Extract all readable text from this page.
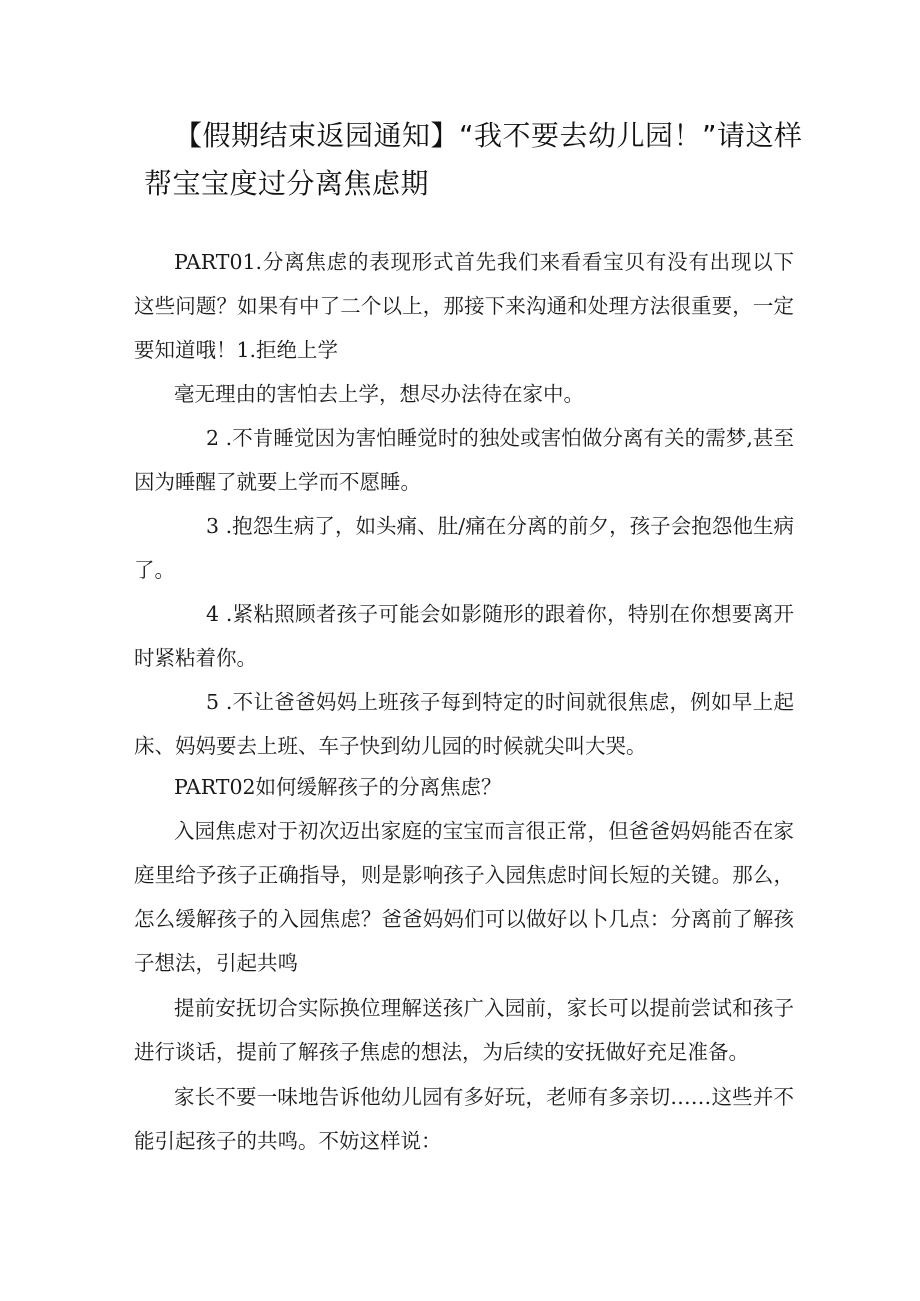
【假期结束返园通知】“我不要去幼儿园！”请这样帮宝宝度过分离焦虑期

PART01.分离焦虑的表现形式首先我们来看看宝贝有没有出现以下这些问题？如果有中了二个以上，那接下来沟通和处理方法很重要，一定要知道哦！1.拒绝上学

毫无理由的害怕去上学，想尽办法待在家中。

2 .不肯睡觉因为害怕睡觉时的独处或害怕做分离有关的需梦,甚至因为睡醒了就要上学而不愿睡。

3 .抱怨生病了，如头痛、肚/痛在分离的前夕，孩子会抱怨他生病了。

4 .紧粘照顾者孩子可能会如影随形的跟着你，特别在你想要离开时紧粘着你。

5 .不让爸爸妈妈上班孩子每到特定的时间就很焦虑，例如早上起床、妈妈要去上班、车子快到幼儿园的时候就尖叫大哭。

PART02如何缓解孩子的分离焦虑？

入园焦虑对于初次迈出家庭的宝宝而言很正常，但爸爸妈妈能否在家庭里给予孩子正确指导，则是影响孩子入园焦虑时间长短的关键。那么，怎么缓解孩子的入园焦虑？爸爸妈妈们可以做好以卜几点：分离前了解孩子想法，引起共鸣

提前安抚切合实际换位理解送孩广入园前，家长可以提前尝试和孩子进行谈话，提前了解孩子焦虑的想法，为后续的安抚做好充足准备。

家长不要一味地告诉他幼儿园有多好玩，老师有多亲切……这些并不能引起孩子的共鸣。不妨这样说：
